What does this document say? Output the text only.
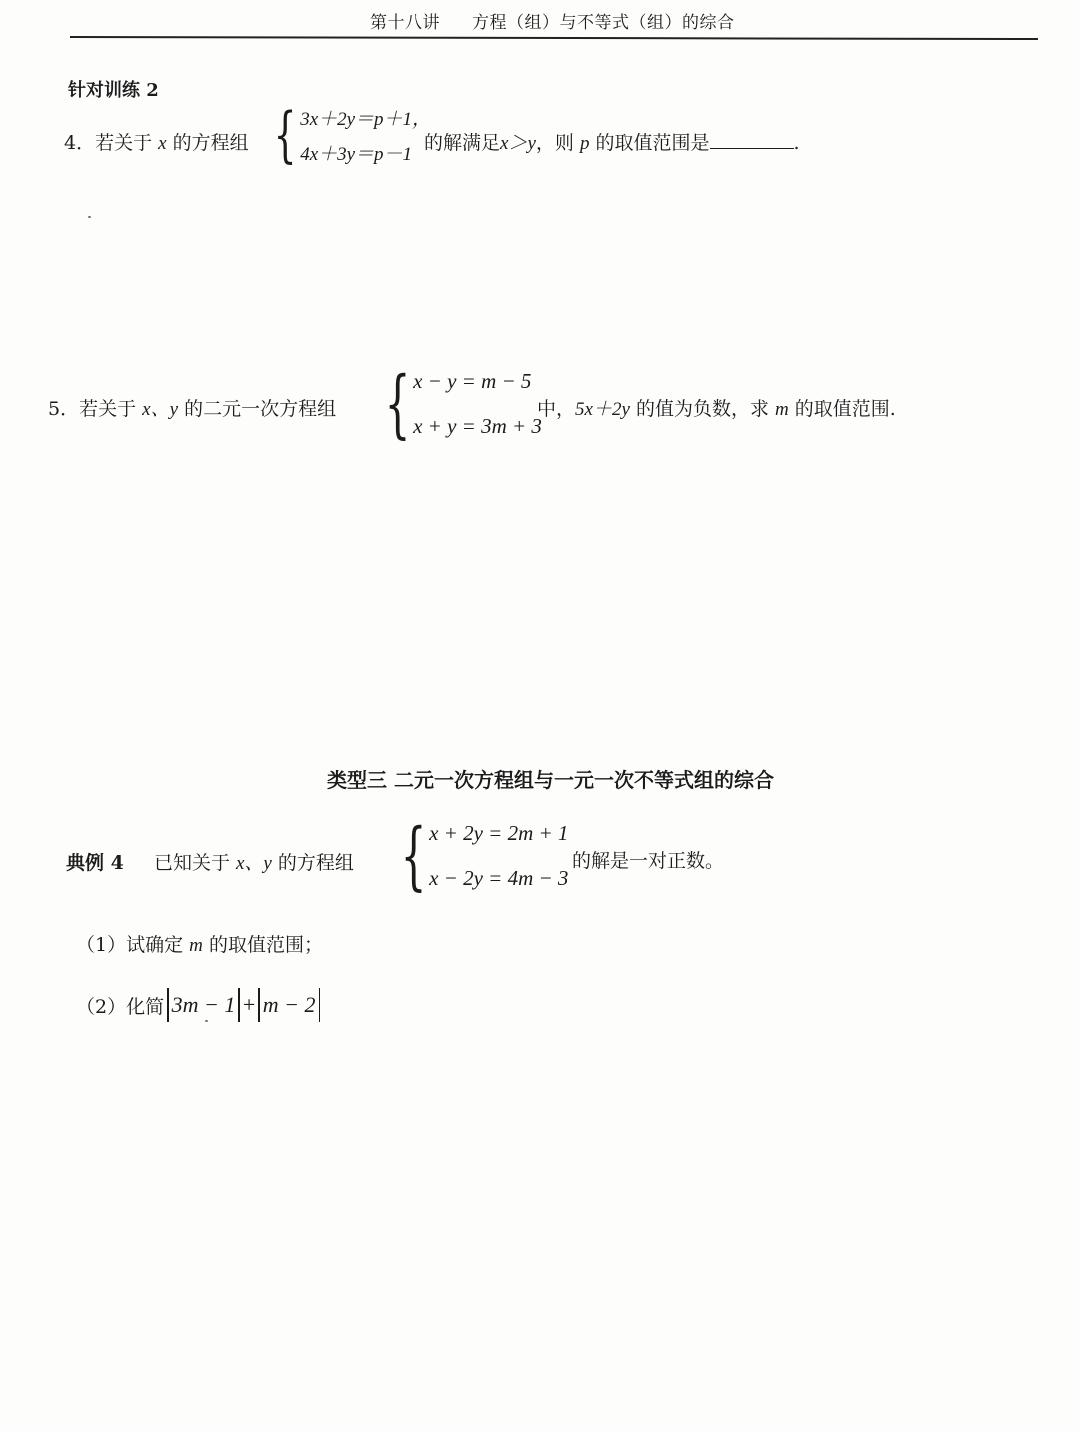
第十八讲 方程（组）与不等式（组）的综合
针对训练 2
4．若关于 x 的方程组 { 3x＋2y＝p＋1，
4x＋3y＝p－1
的解满足x＞y，则 p 的取值范围是	.
5．若关于 x、y 的二元一次方程组 { x − y = m − 5
x + y = 3m + 3
中，5x＋2y 的值为负数，求 m 的取值范围.
类型三 二元一次方程组与一元一次不等式组的综合
典例 4 已知关于 x、y 的方程组 { x + 2y = 2m + 1
x − 2y = 4m − 3
的解是一对正数。
（1）试确定 m 的取值范围；
（2） 化简 3m − 1 + m − 2
